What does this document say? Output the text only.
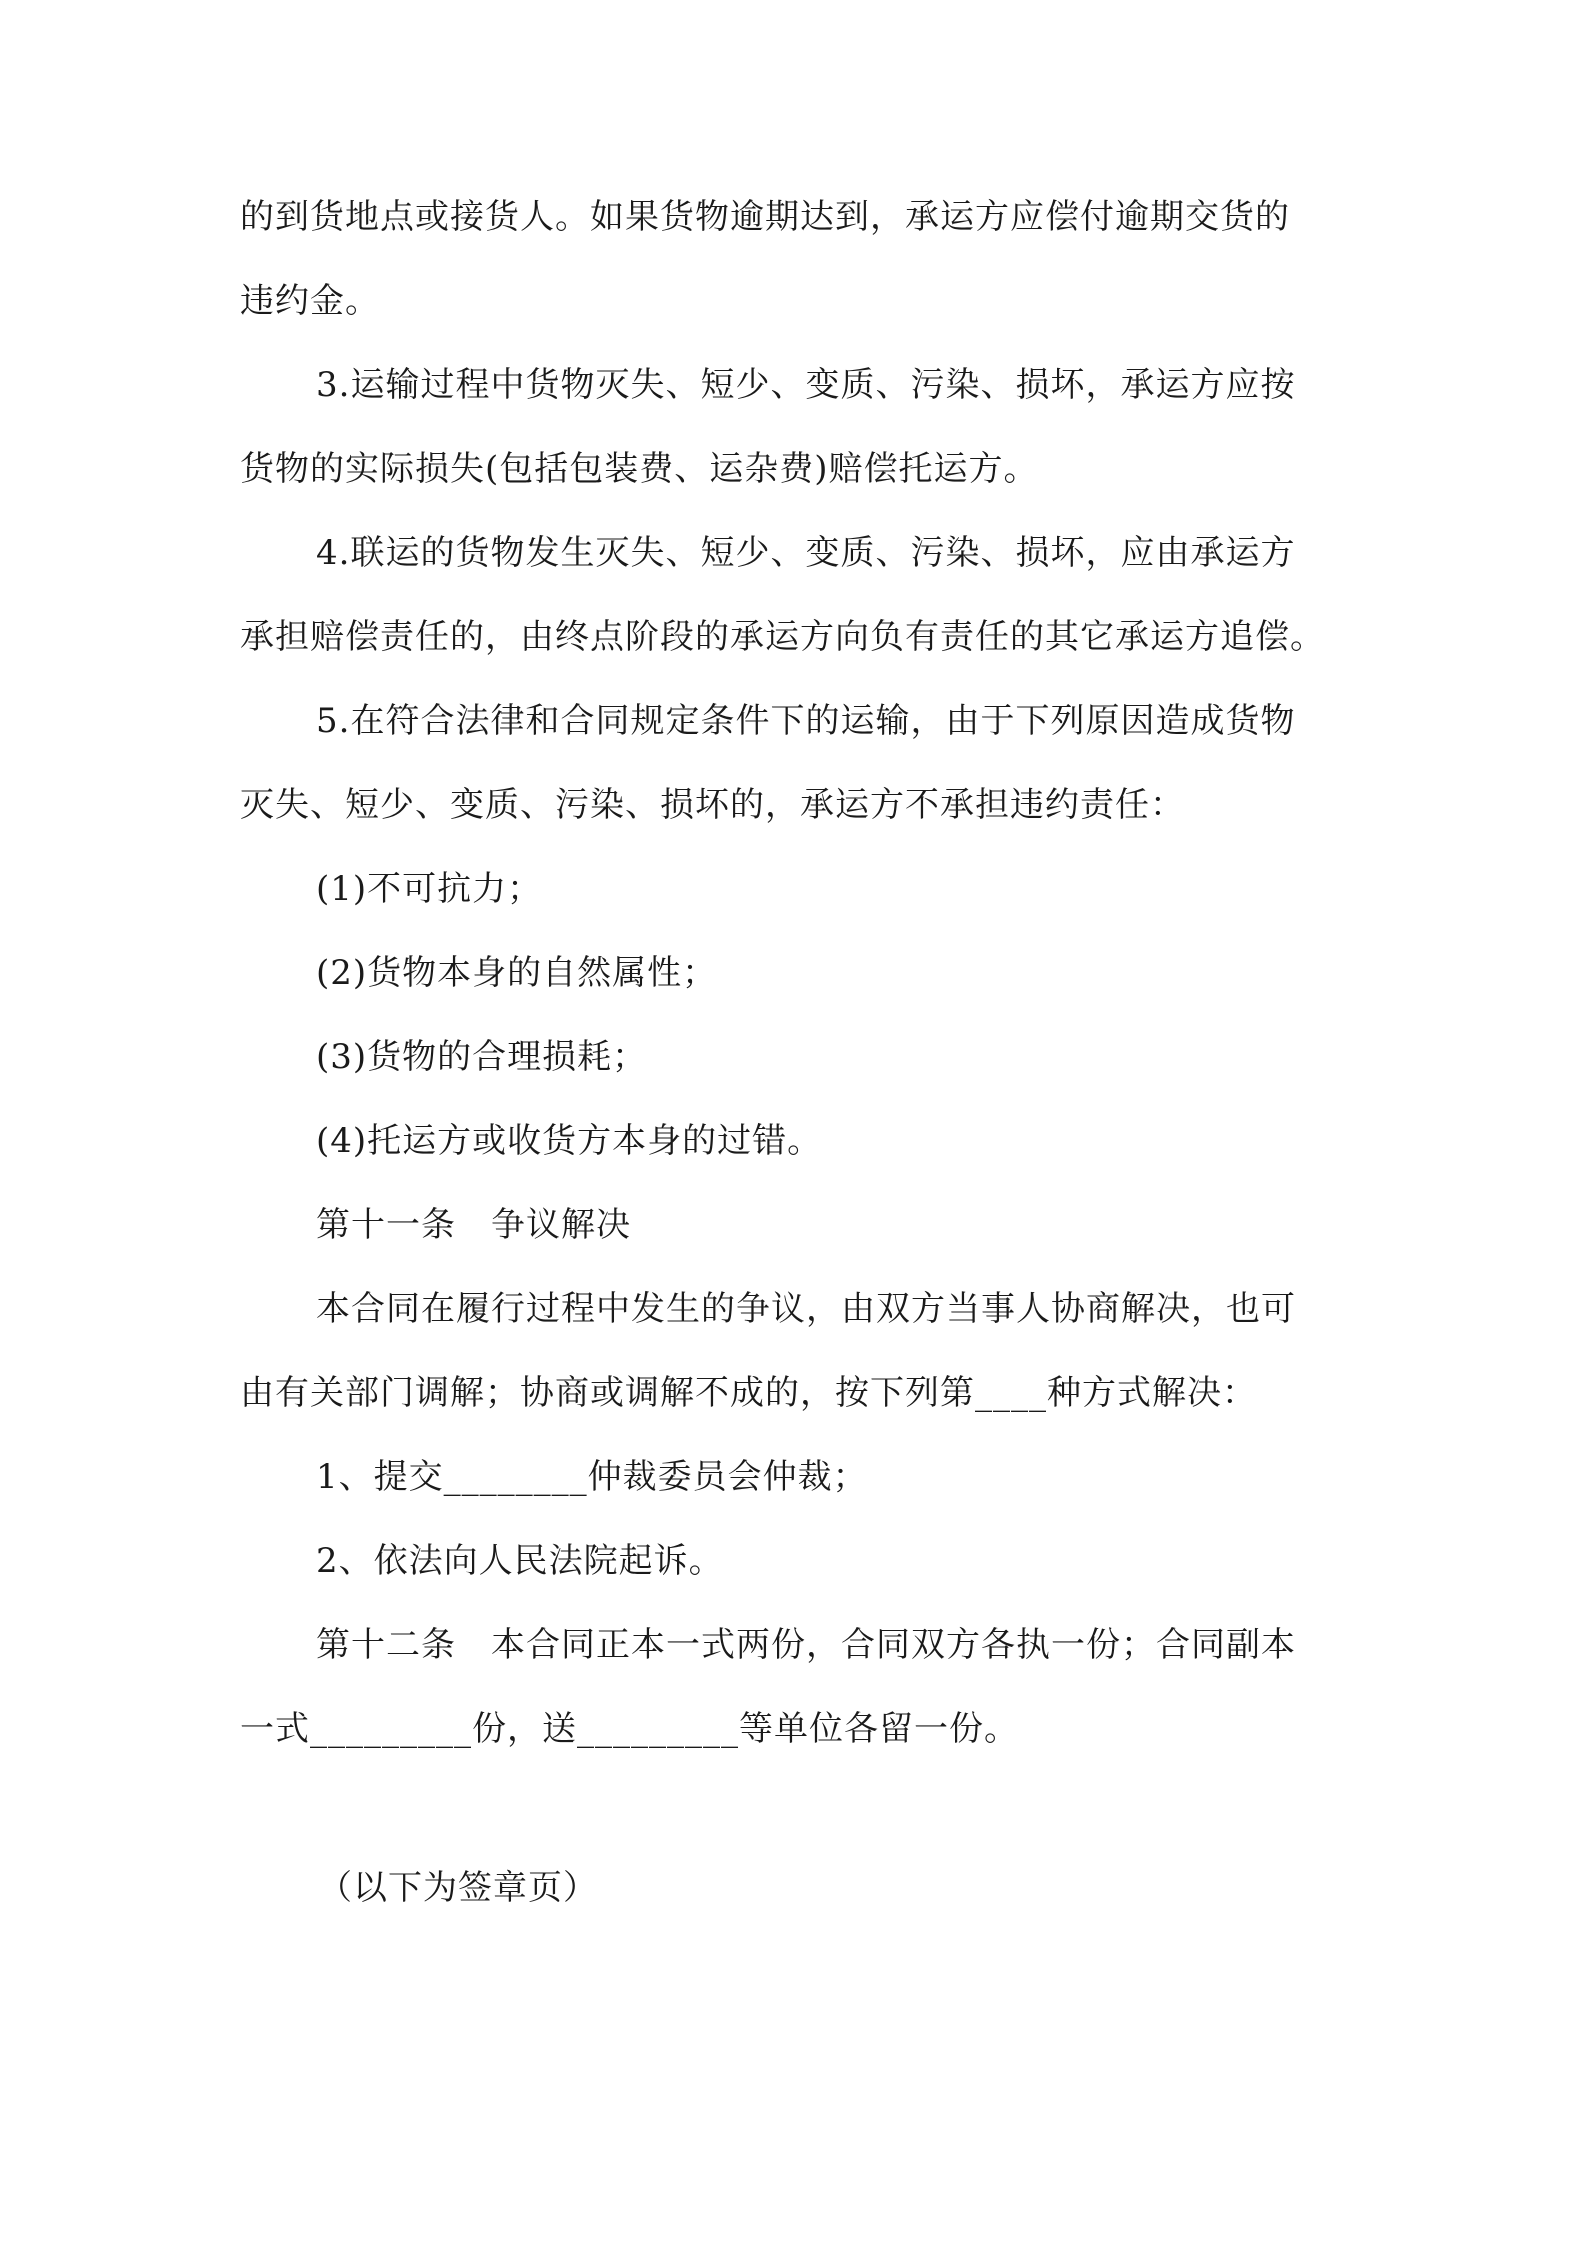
的到货地点或接货人。如果货物逾期达到，承运方应偿付逾期交货的
违约金。
3.运输过程中货物灭失、短少、变质、污染、损坏，承运方应按
货物的实际损失(包括包装费、运杂费)赔偿托运方。
4.联运的货物发生灭失、短少、变质、污染、损坏，应由承运方
承担赔偿责任的，由终点阶段的承运方向负有责任的其它承运方追偿。
5.在符合法律和合同规定条件下的运输，由于下列原因造成货物
灭失、短少、变质、污染、损坏的，承运方不承担违约责任：
(1)不可抗力；
(2)货物本身的自然属性；
(3)货物的合理损耗；
(4)托运方或收货方本身的过错。
第十一条　争议解决
本合同在履行过程中发生的争议，由双方当事人协商解决，也可
由有关部门调解；协商或调解不成的，按下列第____种方式解决：
1、提交________仲裁委员会仲裁；
2、依法向人民法院起诉。
第十二条　本合同正本一式两份，合同双方各执一份；合同副本
一式_________份，送_________等单位各留一份。
（以下为签章页）
